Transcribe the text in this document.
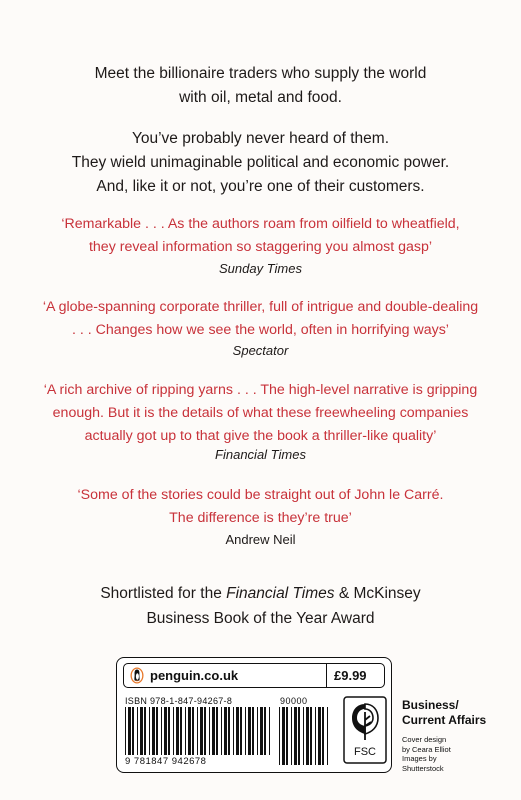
Meet the billionaire traders who supply the world
with oil, metal and food.
You’ve probably never heard of them.
They wield unimaginable political and economic power.
And, like it or not, you’re one of their customers.
‘Remarkable . . . As the authors roam from oilfield to wheatfield,
they reveal information so staggering you almost gasp’
Sunday Times
‘A globe-spanning corporate thriller, full of intrigue and double-dealing
. . . Changes how we see the world, often in horrifying ways’
Spectator
‘A rich archive of ripping yarns . . . The high-level narrative is gripping
enough. But it is the details of what these freewheeling companies
actually got up to that give the book a thriller-like quality’
Financial Times
‘Some of the stories could be straight out of John le Carré.
The difference is they’re true’
Andrew Neil
Shortlisted for the Financial Times & McKinsey
Business Book of the Year Award
penguin.co.uk	£9.99
ISBN 978-1-847-94267-8
9 781847 942678
90000
FSC
Business/
Current Affairs
Cover design
by Ceara Elliot
Images by
Shutterstock
